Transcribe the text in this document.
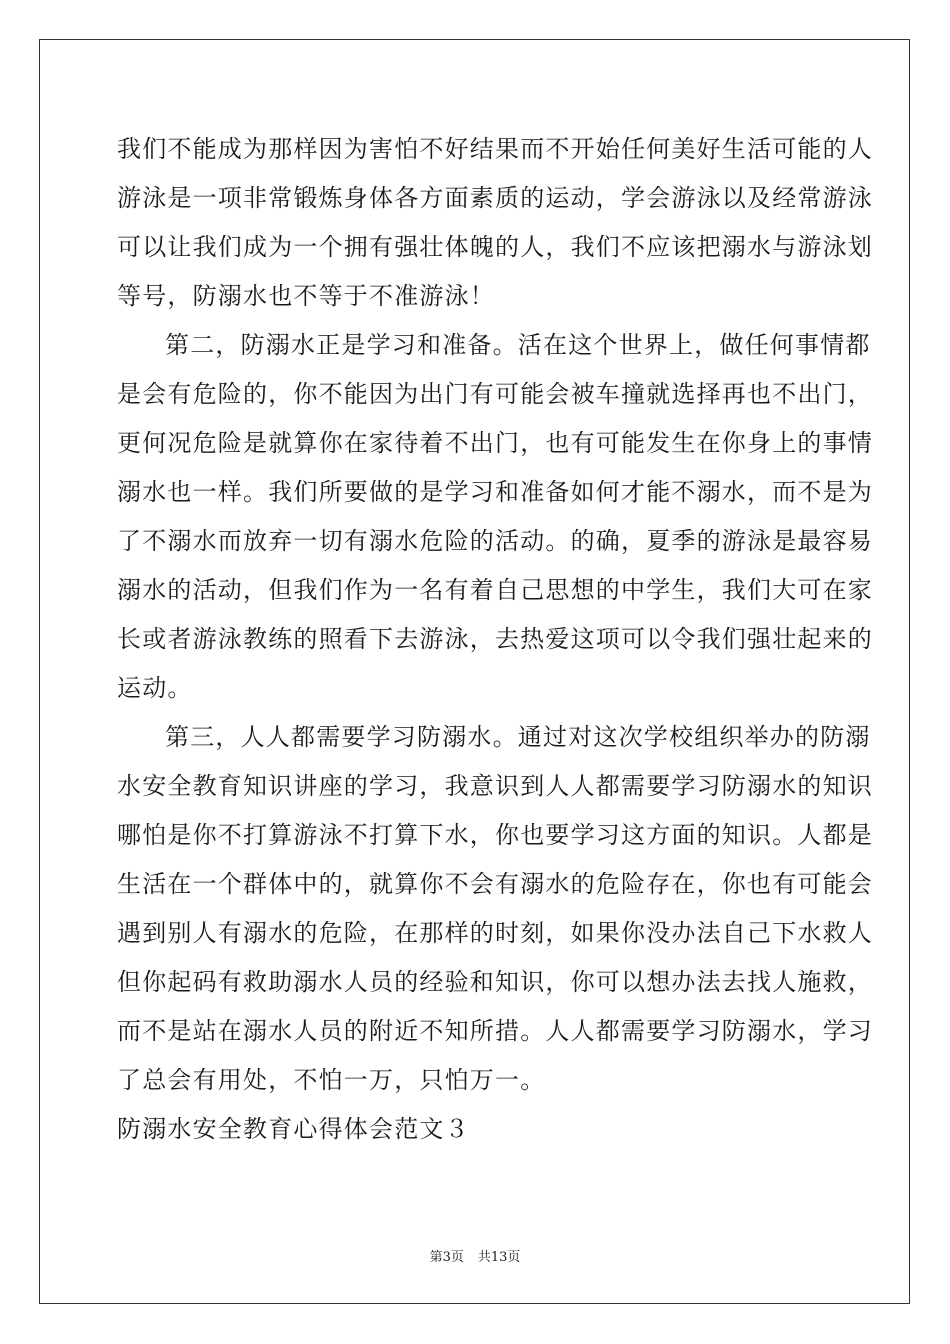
我们不能成为那样因为害怕不好结果而不开始任何美好生活可能的人
游泳是一项非常锻炼身体各方面素质的运动，学会游泳以及经常游泳
可以让我们成为一个拥有强壮体魄的人，我们不应该把溺水与游泳划
等号，防溺水也不等于不准游泳！
第二，防溺水正是学习和准备。活在这个世界上，做任何事情都
是会有危险的，你不能因为出门有可能会被车撞就选择再也不出门，
更何况危险是就算你在家待着不出门，也有可能发生在你身上的事情
溺水也一样。我们所要做的是学习和准备如何才能不溺水，而不是为
了不溺水而放弃一切有溺水危险的活动。的确，夏季的游泳是最容易
溺水的活动，但我们作为一名有着自己思想的中学生，我们大可在家
长或者游泳教练的照看下去游泳，去热爱这项可以令我们强壮起来的
运动。
第三，人人都需要学习防溺水。通过对这次学校组织举办的防溺
水安全教育知识讲座的学习，我意识到人人都需要学习防溺水的知识
哪怕是你不打算游泳不打算下水，你也要学习这方面的知识。人都是
生活在一个群体中的，就算你不会有溺水的危险存在，你也有可能会
遇到别人有溺水的危险，在那样的时刻，如果你没办法自己下水救人
但你起码有救助溺水人员的经验和知识，你可以想办法去找人施救，
而不是站在溺水人员的附近不知所措。人人都需要学习防溺水，学习
了总会有用处，不怕一万，只怕万一。
防溺水安全教育心得体会范文３
第3页 共13页
